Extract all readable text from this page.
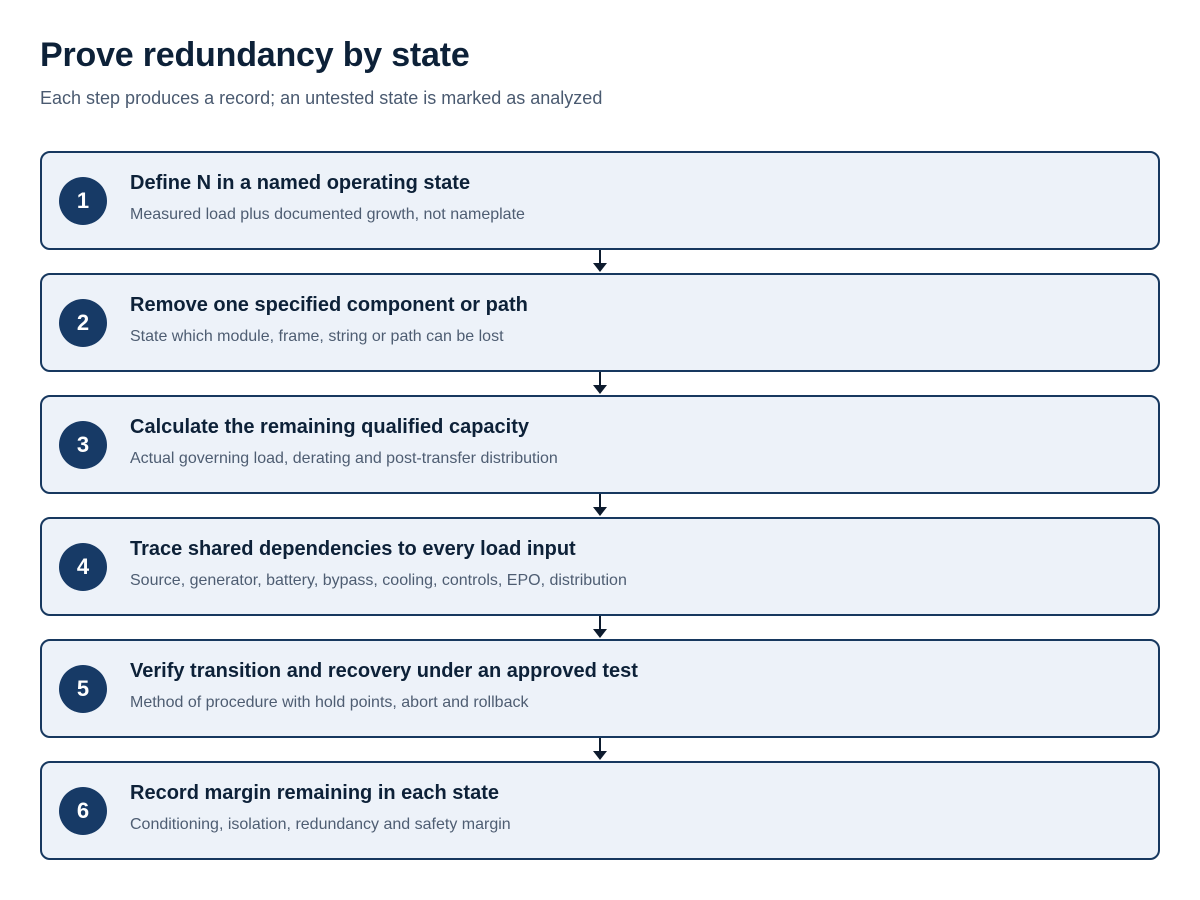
Prove redundancy by state

Each step produces a record; an untested state is marked as analyzed

1
Define N in a named operating state
Measured load plus documented growth, not nameplate
2
Remove one specified component or path
State which module, frame, string or path can be lost
3
Calculate the remaining qualified capacity
Actual governing load, derating and post-transfer distribution
4
Trace shared dependencies to every load input
Source, generator, battery, bypass, cooling, controls, EPO, distribution
5
Verify transition and recovery under an approved test
Method of procedure with hold points, abort and rollback
6
Record margin remaining in each state
Conditioning, isolation, redundancy and safety margin
